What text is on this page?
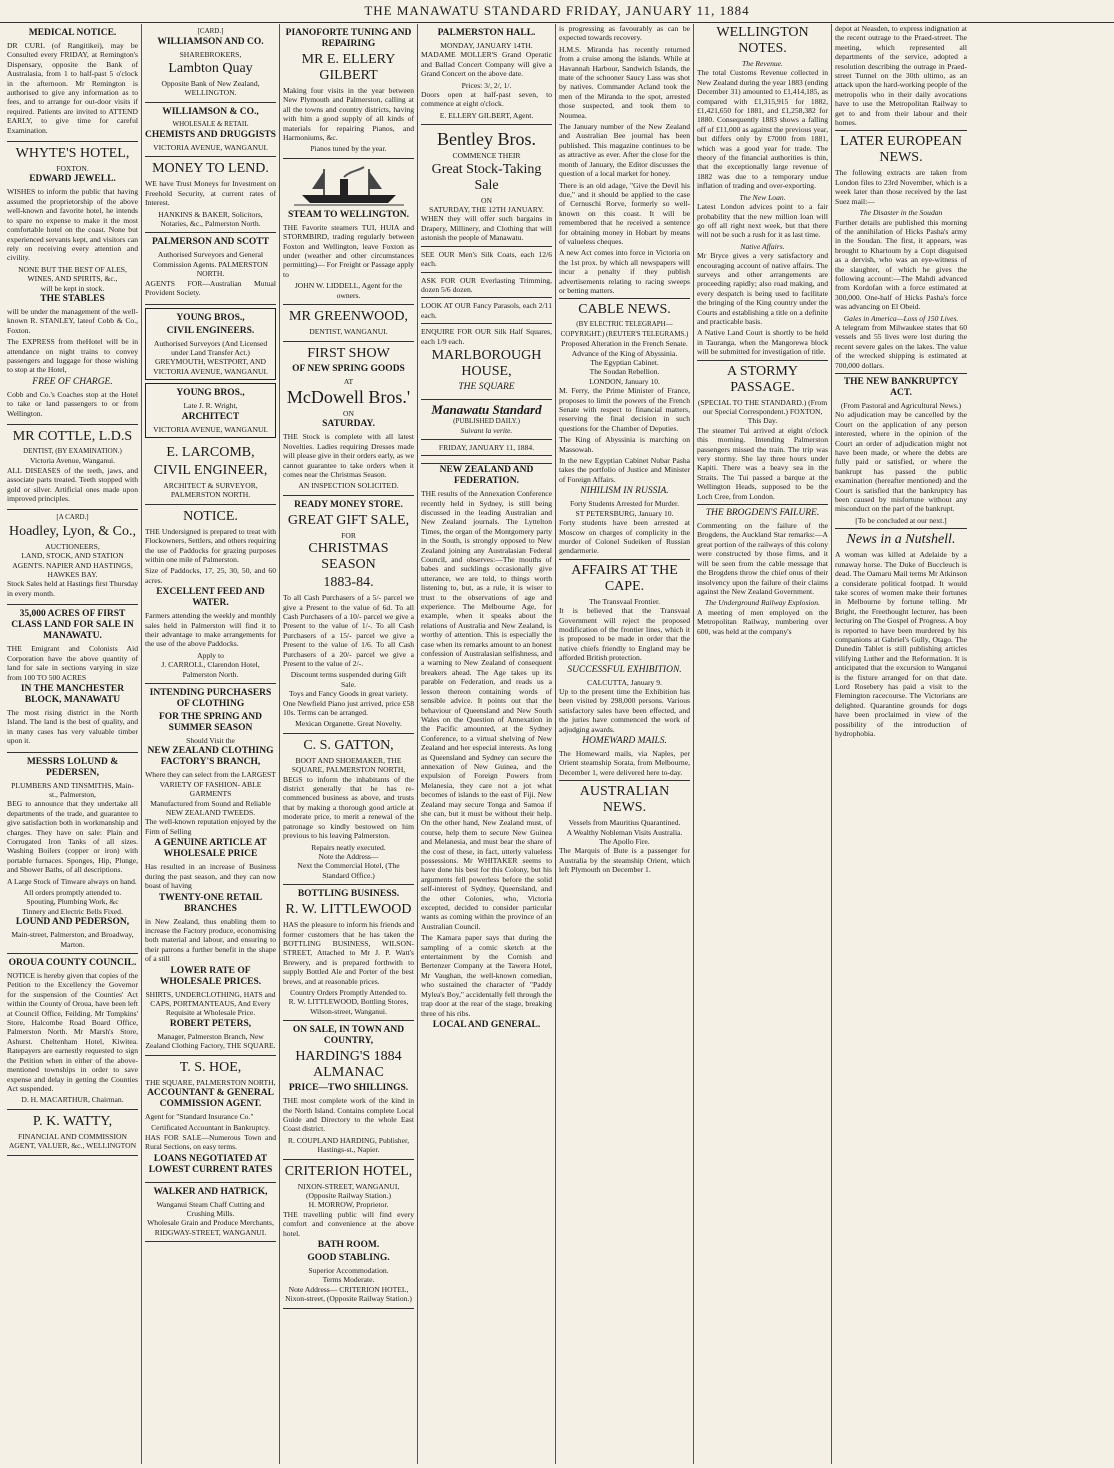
THE MANAWATU STANDARD FRIDAY, JANUARY 11, 1884
MEDICAL NOTICE.
DR CURL (of Rangitikei), may be Consulted every FRIDAY, at Remington's Dispensary, opposite the Bank of Australasia, from 1 to half-past 5 o'clock in the afternoon. Mr Remington is authorised to give any information as to fees, and to arrange for out-door visits if required. Patients are invited to ATTEND EARLY, to give time for careful Examination.
WHYTE'S HOTEL,
FOXTON.
EDWARD JEWELL.
WISHES to inform the public that having assumed the proprietorship of the above well-known and favorite hotel, he intends to spare no expense to make it the most comfortable hotel on the coast. None but experienced servants kept, and visitors can rely on receiving every attention and civility.
NONE BUT THE BEST OF ALES, WINES, AND SPIRITS, &c.,
will be kept in stock.
THE STABLES
will be under the management of the well-known R. STANLEY, lateof Cobb & Co., Foxton.
The EXPRESS from theHotel will be in attendance on night trains to convey passengers and luggage for those wishing to stop at the Hotel,
FREE OF CHARGE.
Cobb and Co.'s Coaches stop at the Hotel to take or land passengers to or from Wellington.
MR COTTLE, L.D.S
DENTIST, (BY EXAMINATION.)
Victoria Avenue, Wanganui.
ALL DISEASES of the teeth, jaws, and associate parts treated. Teeth stopped with gold or silver. Artificial ones made upon improved principles.
[A CARD.]
Hoadley, Lyon, & Co.,
AUCTIONEERS,
LAND, STOCK, AND STATION AGENTS. NAPIER AND HASTINGS, HAWKES BAY.
Stock Sales held at Hastings first Thursday in every month.
35,000 ACRES OF FIRST CLASS LAND FOR SALE IN MANAWATU.
THE Emigrant and Colonists Aid Corporation have the above quantity of land for sale in sections varying in size from 100 TO 500 ACRES
IN THE MANCHESTER BLOCK, MANAWATU
The most rising district in the North Island. The land is the best of quality, and in many cases has very valuable timber upon it.
MESSRS LOLUND & PEDERSEN,
PLUMBERS AND TINSMITHS, Main-st., Palmerston,
BEG to announce that they undertake all departments of the trade, and guarantee to give satisfaction both in workmanship and charges. They have on sale: Plain and Corrugated Iron Tanks of all sizes. Washing Boilers (copper or iron) with portable furnaces. Sponges, Hip, Plunge, and Shower Baths, of all descriptions.
A Large Stock of Tinware always on hand.
All orders promptly attended to.
Spouting, Plumbing Work, &c
Tinnery and Electric Bells Fixed.
LOUND AND PEDERSON,
Main-street, Palmerston, and Broadway, Marton.
OROUA COUNTY COUNCIL.
NOTICE is hereby given that copies of the Petition to the Excellency the Governor for the suspension of the Counties' Act within the County of Oroua, have been left at Council Office, Feilding. Mr Tompkins' Store, Halcombe Road Board Office, Palmerston North. Mr Marsh's Store, Ashurst. Cheltenham Hotel, Kiwitea. Ratepayers are earnestly requested to sign the Petition when in either of the above-mentioned townships in order to save expense and delay in getting the Counties Act suspended.
D. H. MACARTHUR, Chairman.
P. K. WATTY,
FINANCIAL AND COMMISSION AGENT, VALUER, &c., WELLINGTON
[CARD.]
WILLIAMSON AND CO.
SHAREBROKERS,
Lambton Quay
Opposite Bank of New Zealand, WELLINGTON.
WILLIAMSON & CO.,
WHOLESALE & RETAIL
CHEMISTS AND DRUGGISTS
VICTORIA AVENUE, WANGANUI.
MONEY TO LEND.
WE have Trust Moneys for Investment on Freehold Security, at current rates of Interest.
HANKINS & BAKER, Solicitors, Notaries, &c., Palmerston North.
PALMERSON AND SCOTT
Authorised Surveyors and General Commission Agents. PALMERSTON NORTH.
AGENTS FOR—Australian Mutual Provident Society.
YOUNG BROS.,
CIVIL ENGINEERS.
Authorised Surveyors (And Licensed under Land Transfer Act.) GREYMOUTH, WESTPORT, AND VICTORIA AVENUE, WANGANUI.
YOUNG BROS.,
Late J. R. Wright,
ARCHITECT
VICTORIA AVENUE, WANGANUI.
E. LARCOMB,
CIVIL ENGINEER,
ARCHITECT & SURVEYOR,
PALMERSTON NORTH.
NOTICE.
THE Undersigned is prepared to treat with Flockowners, Settlers, and others requiring the use of Paddocks for grazing purposes within one mile of Palmerston.
Size of Paddocks, 17, 25, 30, 50, and 60 acres.
EXCELLENT FEED AND WATER.
Farmers attending the weekly and monthly sales held in Palmerston will find it to their advantage to make arrangements for the use of the above Paddocks.
Apply to
J. CARROLL, Clarendon Hotel, Palmerston North.
INTENDING PURCHASERS OF CLOTHING
FOR THE SPRING AND SUMMER SEASON
Should Visit the
NEW ZEALAND CLOTHING FACTORY'S BRANCH,
Where they can select from the LARGEST VARIETY OF FASHION- ABLE GARMENTS
Manufactured from Sound and Reliable NEW ZEALAND TWEEDS.
The well-known reputation enjoyed by the Firm of Selling
A GENUINE ARTICLE AT WHOLESALE PRICE
Has resulted in an increase of Business during the past season, and they can now boast of having
TWENTY-ONE RETAIL BRANCHES
in New Zealand, thus enabling them to increase the Factory produce, economising both material and labour, and ensuring to their patrons a further benefit in the shape of a still
LOWER RATE OF WHOLESALE PRICES.
SHIRTS, UNDERCLOTHING, HATS and CAPS, PORTMANTEAUS, And Every Requisite at Wholesale Price.
ROBERT PETERS,
Manager, Palmerston Branch, New Zealand Clothing Factory, THE SQUARE.
T. S. HOE,
THE SQUARE, PALMERSTON NORTH,
ACCOUNTANT & GENERAL COMMISSION AGENT.
Agent for "Standard Insurance Co."
Certificated Accountant in Bankruptcy.
HAS FOR SALE—Numerous Town and Rural Sections, on easy terms.
LOANS NEGOTIATED AT LOWEST CURRENT RATES
WALKER AND HATRICK,
Wanganui Steam Chaff Cutting and Crushing Mills.
Wholesale Grain and Produce Merchants,
RIDGWAY-STREET, WANGANUI.
PIANOFORTE TUNING AND REPAIRING
MR E. ELLERY GILBERT
Making four visits in the year between New Plymouth and Palmerston, calling at all the towns and country districts, having with him a good supply of all kinds of materials for repairing Pianos, and Harmoniums, &c.
Pianos tuned by the year.
STEAM TO WELLINGTON.
THE Favorite steamers TUI, HUIA and STORMBIRD, trading regularly between Foxton and Wellington, leave Foxton as under (weather and other circumstances permitting)— For Freight or Passage apply to
JOHN W. LIDDELL, Agent for the owners.
MR GREENWOOD,
DENTIST, WANGANUI.
FIRST SHOW
OF NEW SPRING GOODS
AT
McDowell Bros.'
ON
SATURDAY.
THE Stock is complete with all latest Novelties. Ladies requiring Dresses made will please give in their orders early, as we cannot guarantee to take orders when it comes near the Christmas Season.
AN INSPECTION SOLICITED.
READY MONEY STORE.
GREAT GIFT SALE,
FOR
CHRISTMAS SEASON
1883-84.
To all Cash Purchasers of a 5/- parcel we give a Present to the value of 6d. To all Cash Purchasers of a 10/- parcel we give a Present to the value of 1/-. To all Cash Purchasers of a 15/- parcel we give a Present to the value of 1/6. To all Cash Purchasers of a 20/- parcel we give a Present to the value of 2/-.
Discount terms suspended during Gift Sale.
Toys and Fancy Goods in great variety.
One Newfield Piano just arrived, price £58 10s. Terms can be arranged.
Mexican Organette. Great Novelty.
C. S. GATTON,
BOOT AND SHOEMAKER, THE SQUARE, PALMERSTON NORTH,
BEGS to inform the inhabitants of the district generally that he has re-commenced business as above, and trusts that by making a thorough good article at moderate price, to merit a renewal of the patronage so kindly bestowed on him previous to his leaving Palmerston.
Repairs neatly executed.
Note the Address—
Next the Commercial Hotel, (The Standard Office.)
BOTTLING BUSINESS.
R. W. LITTLEWOOD
HAS the pleasure to inform his friends and former customers that he has taken the BOTTLING BUSINESS, WILSON-STREET, Attached to Mr J. P. Watt's Brewery, and is prepared forthwith to supply Bottled Ale and Porter of the best brews, and at reasonable prices.
Country Orders Promptly Attended to.
R. W. LITTLEWOOD, Bottling Stores, Wilson-street, Wanganui.
ON SALE, IN TOWN AND COUNTRY,
HARDING'S 1884 ALMANAC
PRICE—TWO SHILLINGS.
THE most complete work of the kind in the North Island. Contains complete Local Guide and Directory to the whole East Coast district.
R. COUPLAND HARDING, Publisher, Hastings-st., Napier.
CRITERION HOTEL,
NIXON-STREET, WANGANUI, (Opposite Railway Station.)
H. MORROW, Proprietor.
THE travelling public will find every comfort and convenience at the above hotel.
BATH ROOM.
GOOD STABLING.
Superior Accommodation.
Terms Moderate.
Note Address— CRITERION HOTEL, Nixon-street, (Opposite Railway Station.)
PALMERSTON HALL.
MONDAY, JANUARY 14TH.
MADAME MOLLER'S Grand Operatic and Ballad Concert Company will give a Grand Concert on the above date.
Prices: 3/, 2/, 1/.
Doors open at half-past seven, to commence at eight o'clock.
E. ELLERY GILBERT, Agent.
Bentley Bros.
COMMENCE THEIR
Great Stock-Taking Sale
ON
SATURDAY, THE 12TH JANUARY.
WHEN they will offer such bargains in Drapery, Millinery, and Clothing that will astonish the people of Manawatu.
SEE OUR Men's Silk Coats, each 12/6 each.
ASK FOR OUR Everlasting Trimming, dozen 5/6 dozen.
LOOK AT OUR Fancy Parasols, each 2/11 each.
ENQUIRE FOR OUR Silk Half Squares, each 1/9 each.
MARLBOROUGH HOUSE,
THE SQUARE
Manawatu Standard
(PUBLISHED DAILY.)
Suivant la verite.
FRIDAY, JANUARY 11, 1884.
NEW ZEALAND AND FEDERATION.
THE results of the Annexation Conference recently held in Sydney, is still being discussed in the leading Australian and New Zealand journals. The Lyttelton Times, the organ of the Montgomery party in the South, is strongly opposed to New Zealand joining any Australasian Federal Council, and observes:—The mouths of babes and sucklings occasionally give utterance, we are told, to things worth listening to, but, as a rule, it is wiser to trust to the observations of age and experience. The Melbourne Age, for example, when it speaks about the relations of Australia and New Zealand, is worthy of attention. This is especially the case when its remarks amount to an honest confession of Australasian selfishness, and a warning to New Zealand of consequent breakers ahead. The Age takes up its parable on Federation, and reads us a lesson thereon containing words of sensible advice. It points out that the behaviour of Queensland and New South Wales on the Question of Annexation in the Pacific amounted, at the Sydney Conference, to a virtual shelving of New Zealand and her especial interests. As long as Queensland and Sydney can secure the annexation of New Guinea, and the expulsion of Foreign Powers from Melanesia, they care not a jot what becomes of islands to the east of Fiji. New Zealand may secure Tonga and Samoa if she can, but it must be without their help. On the other hand, New Zealand must, of course, help them to secure New Guinea and Melanesia, and must bear the share of the cost of these, in fact, utterly valueless possessions. Mr WHITAKER seems to have done his best for this Colony, but his arguments fell powerless before the solid self-interest of Sydney, Queensland, and the other Colonies, who, Victoria excepted, decided to consider particular wants as coming within the province of an Australian Council.
The Kamara paper says that during the sampling of a comic sketch at the entertainment by the Cornish and Bertenzer Company at the Tawera Hotel, Mr Vaughan, the well-known comedian, who sustained the character of "Paddy Mylea's Boy," accidentally fell through the trap door at the rear of the stage, breaking three of his ribs.
LOCAL AND GENERAL.
is progressing as favourably as can be expected towards recovery.
H.M.S. Miranda has recently returned from a cruise among the islands. While at Havannah Harbour, Sandwich Islands, the mate of the schooner Saucy Lass was shot by natives. Commander Acland took the men of the Miranda to the spot, arrested those suspected, and took them to Noumea.
The January number of the New Zealand and Australian Bee journal has been published. This magazine continues to be as attractive as ever. After the close for the month of January, the Editor discusses the question of a local market for honey.
There is an old adage, "Give the Devil his due," and it should be applied to the case of Cernuschi Rorve, formerly so well-known on this coast. It will be remembered that he received a sentence for obtaining money in Hobart by means of valueless cheques.
A new Act comes into force in Victoria on the 1st prox. by which all newspapers will incur a penalty if they publish advertisements relating to racing sweeps or betting matters.
CABLE NEWS.
(BY ELECTRIC TELEGRAPH—COPYRIGHT.) (REUTER'S TELEGRAMS.)
Proposed Alteration in the French Senate.
Advance of the King of Abyssinia.
The Egyptian Cabinet.
The Soudan Rebellion.
LONDON, January 10.
M. Ferry, the Prime Minister of France, proposes to limit the powers of the French Senate with respect to financial matters, reserving the final decision in such questions for the Chamber of Deputies.
The King of Abyssinia is marching on Massowah.
In the new Egyptian Cabinet Nubar Pasha takes the portfolio of Justice and Minister of Foreign Affairs.
NIHILISM IN RUSSIA.
Forty Students Arrested for Murder.
ST PETERSBURG, January 10.
Forty students have been arrested at Moscow on charges of complicity in the murder of Colonel Sudeiken of Russian gendarmerie.
AFFAIRS AT THE CAPE.
The Transvaal Frontier.
It is believed that the Transvaal Government will reject the proposed modification of the frontier lines, which it is proposed to be made in order that the native chiefs friendly to England may be afforded British protection.
SUCCESSFUL EXHIBITION.
CALCUTTA, January 9.
Up to the present time the Exhibition has been visited by 298,000 persons. Various satisfactory sales have been effected, and the juries have commenced the work of adjudging awards.
HOMEWARD MAILS.
The Homeward mails, via Naples, per Orient steamship Sorata, from Melbourne, December 1, were delivered here to-day.
AUSTRALIAN NEWS.
Vessels from Mauritius Quarantined.
A Wealthy Nobleman Visits Australia.
The Apollo Fire.
The Marquis of Bute is a passenger for Australia by the steamship Orient, which left Plymouth on December 1.
WELLINGTON NOTES.
The Revenue.
The total Customs Revenue collected in New Zealand during the year 1883 (ending December 31) amounted to £1,414,185, as compared with £1,315,915 for 1882, £1,421,650 for 1881, and £1,258,382 for 1880. Consequently 1883 shows a falling off of £11,000 as against the previous year, but differs only by £7000 from 1881, which was a good year for trade. The theory of the financial authorities is thin, that the exceptionally large revenue of 1882 was due to a temporary undue inflation of trading and over-exporting.
The New Loan.
Latest London advices point to a fair probability that the new million loan will go off all right next week, but that there will not be such a rush for it as last time.
Native Affairs.
Mr Bryce gives a very satisfactory and encouraging account of native affairs. The surveys and other arrangements are proceeding rapidly; also road making, and every despatch is being used to facilitate the bringing of the King country under the Courts and establishing a title on a definite and practicable basis.
A Native Land Court is shortly to be held in Tauranga, when the Mangorewa block will be submitted for investigation of title.
A STORMY PASSAGE.
(SPECIAL TO THE STANDARD.) (From our Special Correspondent.) FOXTON, This Day.
The steamer Tui arrived at eight o'clock this morning. Intending Palmerston passengers missed the train. The trip was very stormy. She lay three hours under Kapiti. There was a heavy sea in the Straits. The Tui passed a barque at the Wellington Heads, supposed to be the Loch Cree, from London.
THE BROGDEN'S FAILURE.
Commenting on the failure of the Brogdens, the Auckland Star remarks:—A great portion of the railways of this colony were constructed by those firms, and it will be seen from the cable message that the Brogdens throw the chief onus of their insolvency upon the failure of their claims against the New Zealand Government.
The Underground Railway Explosion.
A meeting of men employed on the Metropolitan Railway, numbering over 600, was held at the company's
depot at Neasden, to express indignation at the recent outrage to the Praed-street. The meeting, which represented all departments of the service, adopted a resolution describing the outrage in Praed-street Tunnel on the 30th ultimo, as an attack upon the hard-working people of the metropolis who in their daily avocations have to use the Metropolitan Railway to get to and from their labour and their homes.
LATER EUROPEAN NEWS.
The following extracts are taken from London files to 23rd November, which is a week later than those received by the last Suez mail:—
The Disaster in the Soudan
Further details are published this morning of the annihilation of Hicks Pasha's army in the Soudan. The first, it appears, was brought to Khartoum by a Copt disguised as a dervish, who was an eye-witness of the slaughter, of which he gives the following account:—The Mahdi advanced from Kordofan with a force estimated at 300,000. One-half of Hicks Pasha's force was advancing on El Obeid.
Gales in America—Loss of 150 Lives.
A telegram from Milwaukee states that 60 vessels and 55 lives were lost during the recent severe gales on the lakes. The value of the wrecked shipping is estimated at 700,000 dollars.
THE NEW BANKRUPTCY ACT.
(From Pastoral and Agricultural News.)
No adjudication may be cancelled by the Court on the application of any person interested, where in the opinion of the Court an order of adjudication might not have been made, or where the debts are fully paid or satisfied, or where the bankrupt has passed the public examination (hereafter mentioned) and the Court is satisfied that the bankruptcy has been caused by misfortune without any misconduct on the part of the bankrupt.
[To be concluded at our next.]
News in a Nutshell.
A woman was killed at Adelaide by a runaway horse. The Duke of Buccleuch is dead. The Oamaru Mail terms Mr Atkinson a considerate political footpad. It would take scores of women make their fortunes in Melbourne by fortune telling. Mr Bright, the Freethought lecturer, has been lecturing on The Gospel of Progress. A boy is reported to have been murdered by his companions at Gabriel's Gully, Otago. The Dunedin Tablet is still publishing articles vilifying Luther and the Reformation. It is anticipated that the excursion to Wanganui is the fixture arranged for on that date. Lord Rosebery has paid a visit to the Flemington racecourse. The Victorians are delighted. Quarantine grounds for dogs have been proclaimed in view of the possibility of the introduction of hydrophobia.
